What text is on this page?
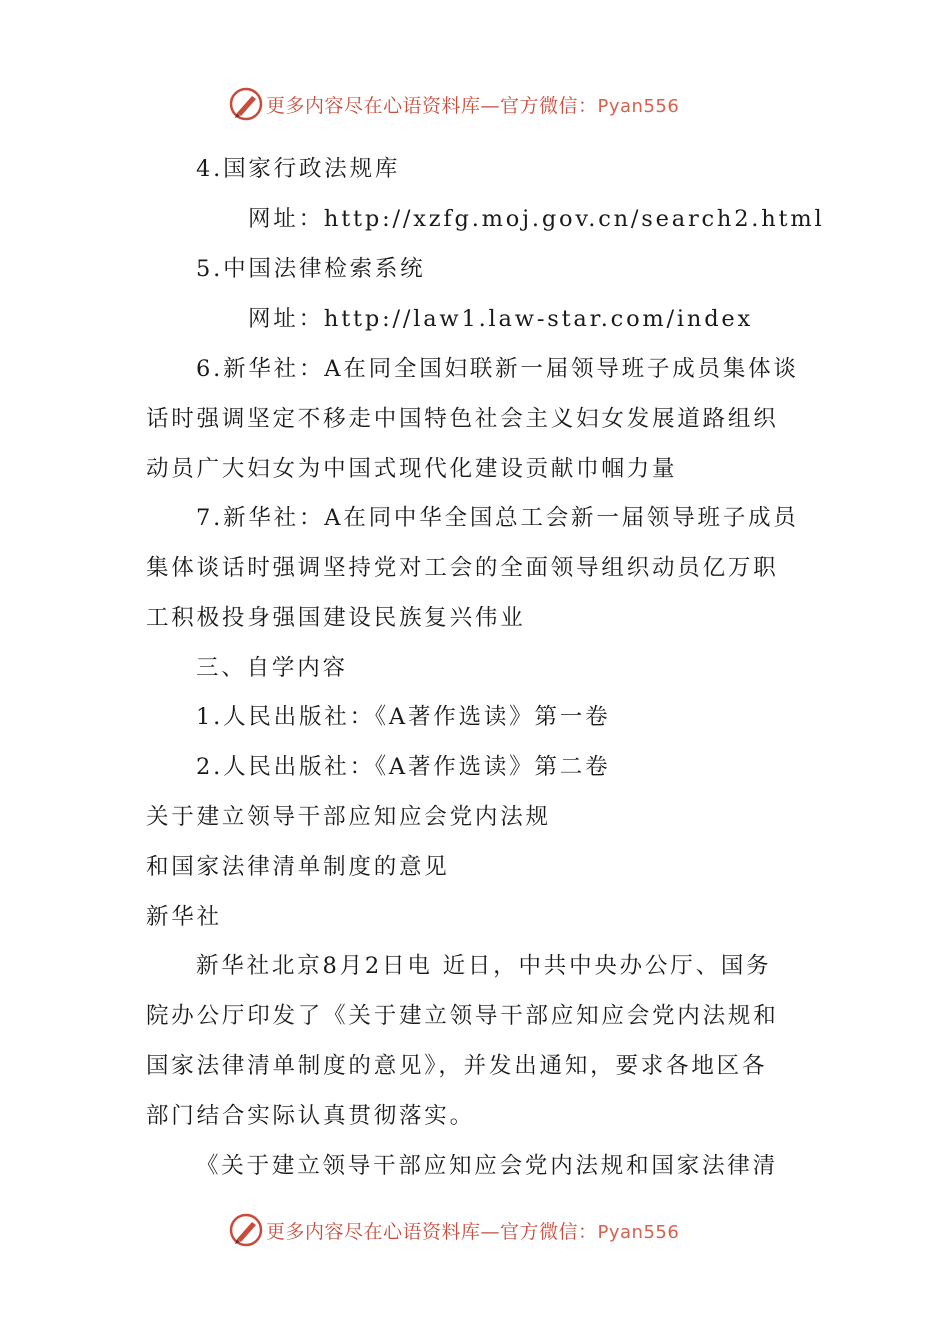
更多内容尽在心语资料库—官方微信：Pyan556
4.国家行政法规库
网址：http://xzfg.moj.gov.cn/search2.html
5.中国法律检索系统
网址：http://law1.law-star.com/index
6.新华社：A在同全国妇联新一届领导班子成员集体谈
话时强调坚定不移走中国特色社会主义妇女发展道路组织
动员广大妇女为中国式现代化建设贡献巾帼力量
7.新华社：A在同中华全国总工会新一届领导班子成员
集体谈话时强调坚持党对工会的全面领导组织动员亿万职
工积极投身强国建设民族复兴伟业
三、自学内容
1.人民出版社：《A著作选读》第一卷
2.人民出版社：《A著作选读》第二卷
关于建立领导干部应知应会党内法规
和国家法律清单制度的意见
新华社
新华社北京8月2日电 近日，中共中央办公厅、国务
院办公厅印发了《关于建立领导干部应知应会党内法规和
国家法律清单制度的意见》，并发出通知，要求各地区各
部门结合实际认真贯彻落实。
《关于建立领导干部应知应会党内法规和国家法律清
更多内容尽在心语资料库—官方微信：Pyan556
